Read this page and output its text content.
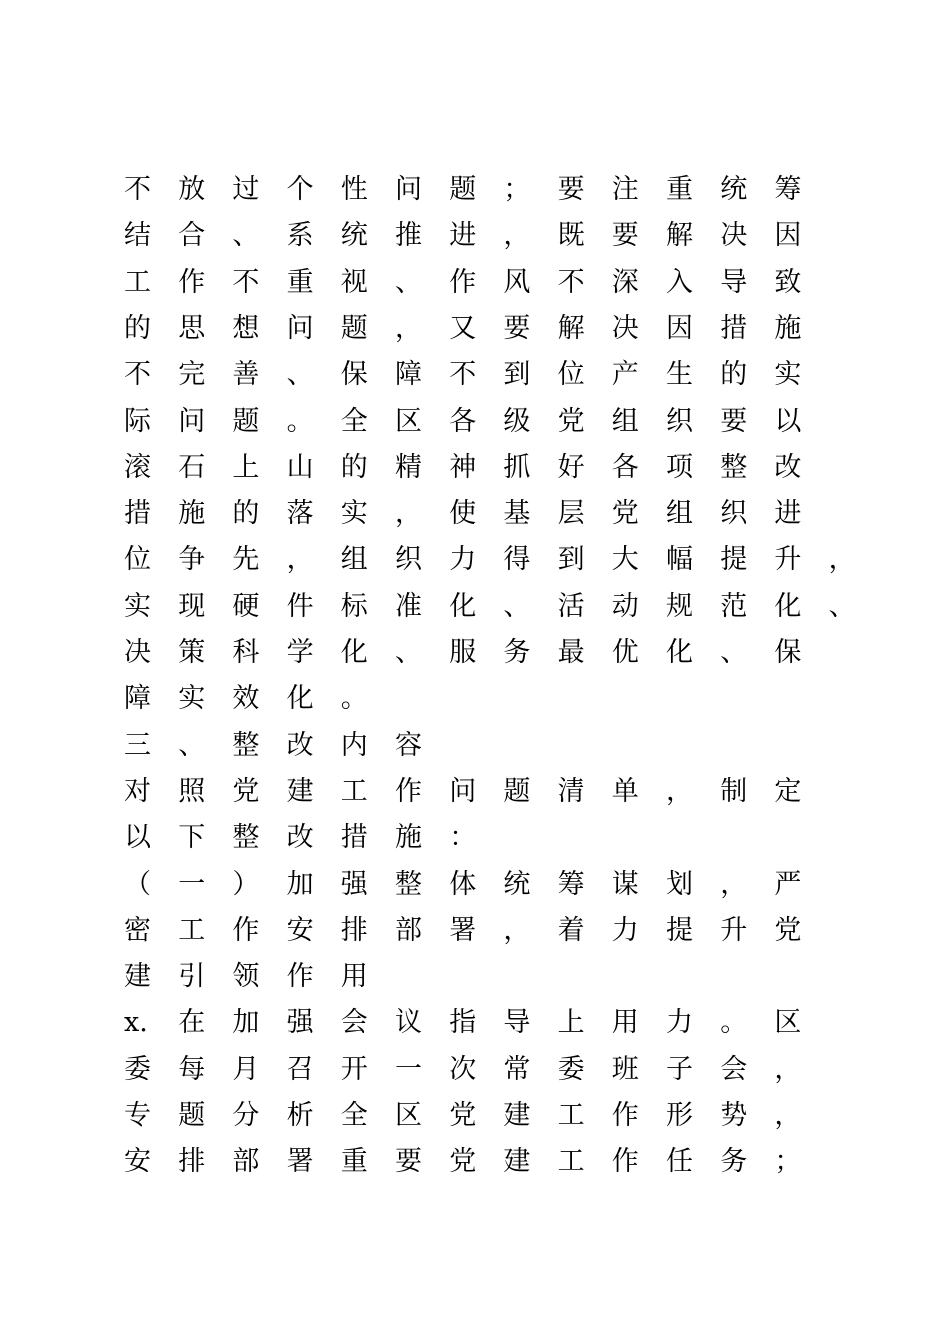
不	放	过	个	性	问	题	；	要	注	重	统	筹
结	合	、	系	统	推	进	，	既	要	解	决	因
工	作	不	重	视	、	作	风	不	深	入	导	致
的	思	想	问	题	，	又	要	解	决	因	措	施
不	完	善	、	保	障	不	到	位	产	生	的	实
际	问	题	。	全	区	各	级	党	组	织	要	以
滚	石	上	山	的	精	神	抓	好	各	项	整	改
措	施	的	落	实	，	使	基	层	党	组	织	进
位	争	先	，	组	织	力	得	到	大	幅	提	升	，
实	现	硬	件	标	准	化	、	活	动	规	范	化	、
决	策	科	学	化	、	服	务	最	优	化	、	保
障	实	效	化	。
三	、	整	改	内	容
对	照	党	建	工	作	问	题	清	单	，	制	定
以	下	整	改	措	施	：
（	一	）	加	强	整	体	统	筹	谋	划	，	严
密	工	作	安	排	部	署	，	着	力	提	升	党
建	引	领	作	用
x.	在	加	强	会	议	指	导	上	用	力	。	区
委	每	月	召	开	一	次	常	委	班	子	会	，
专	题	分	析	全	区	党	建	工	作	形	势	，
安	排	部	署	重	要	党	建	工	作	任	务	；
